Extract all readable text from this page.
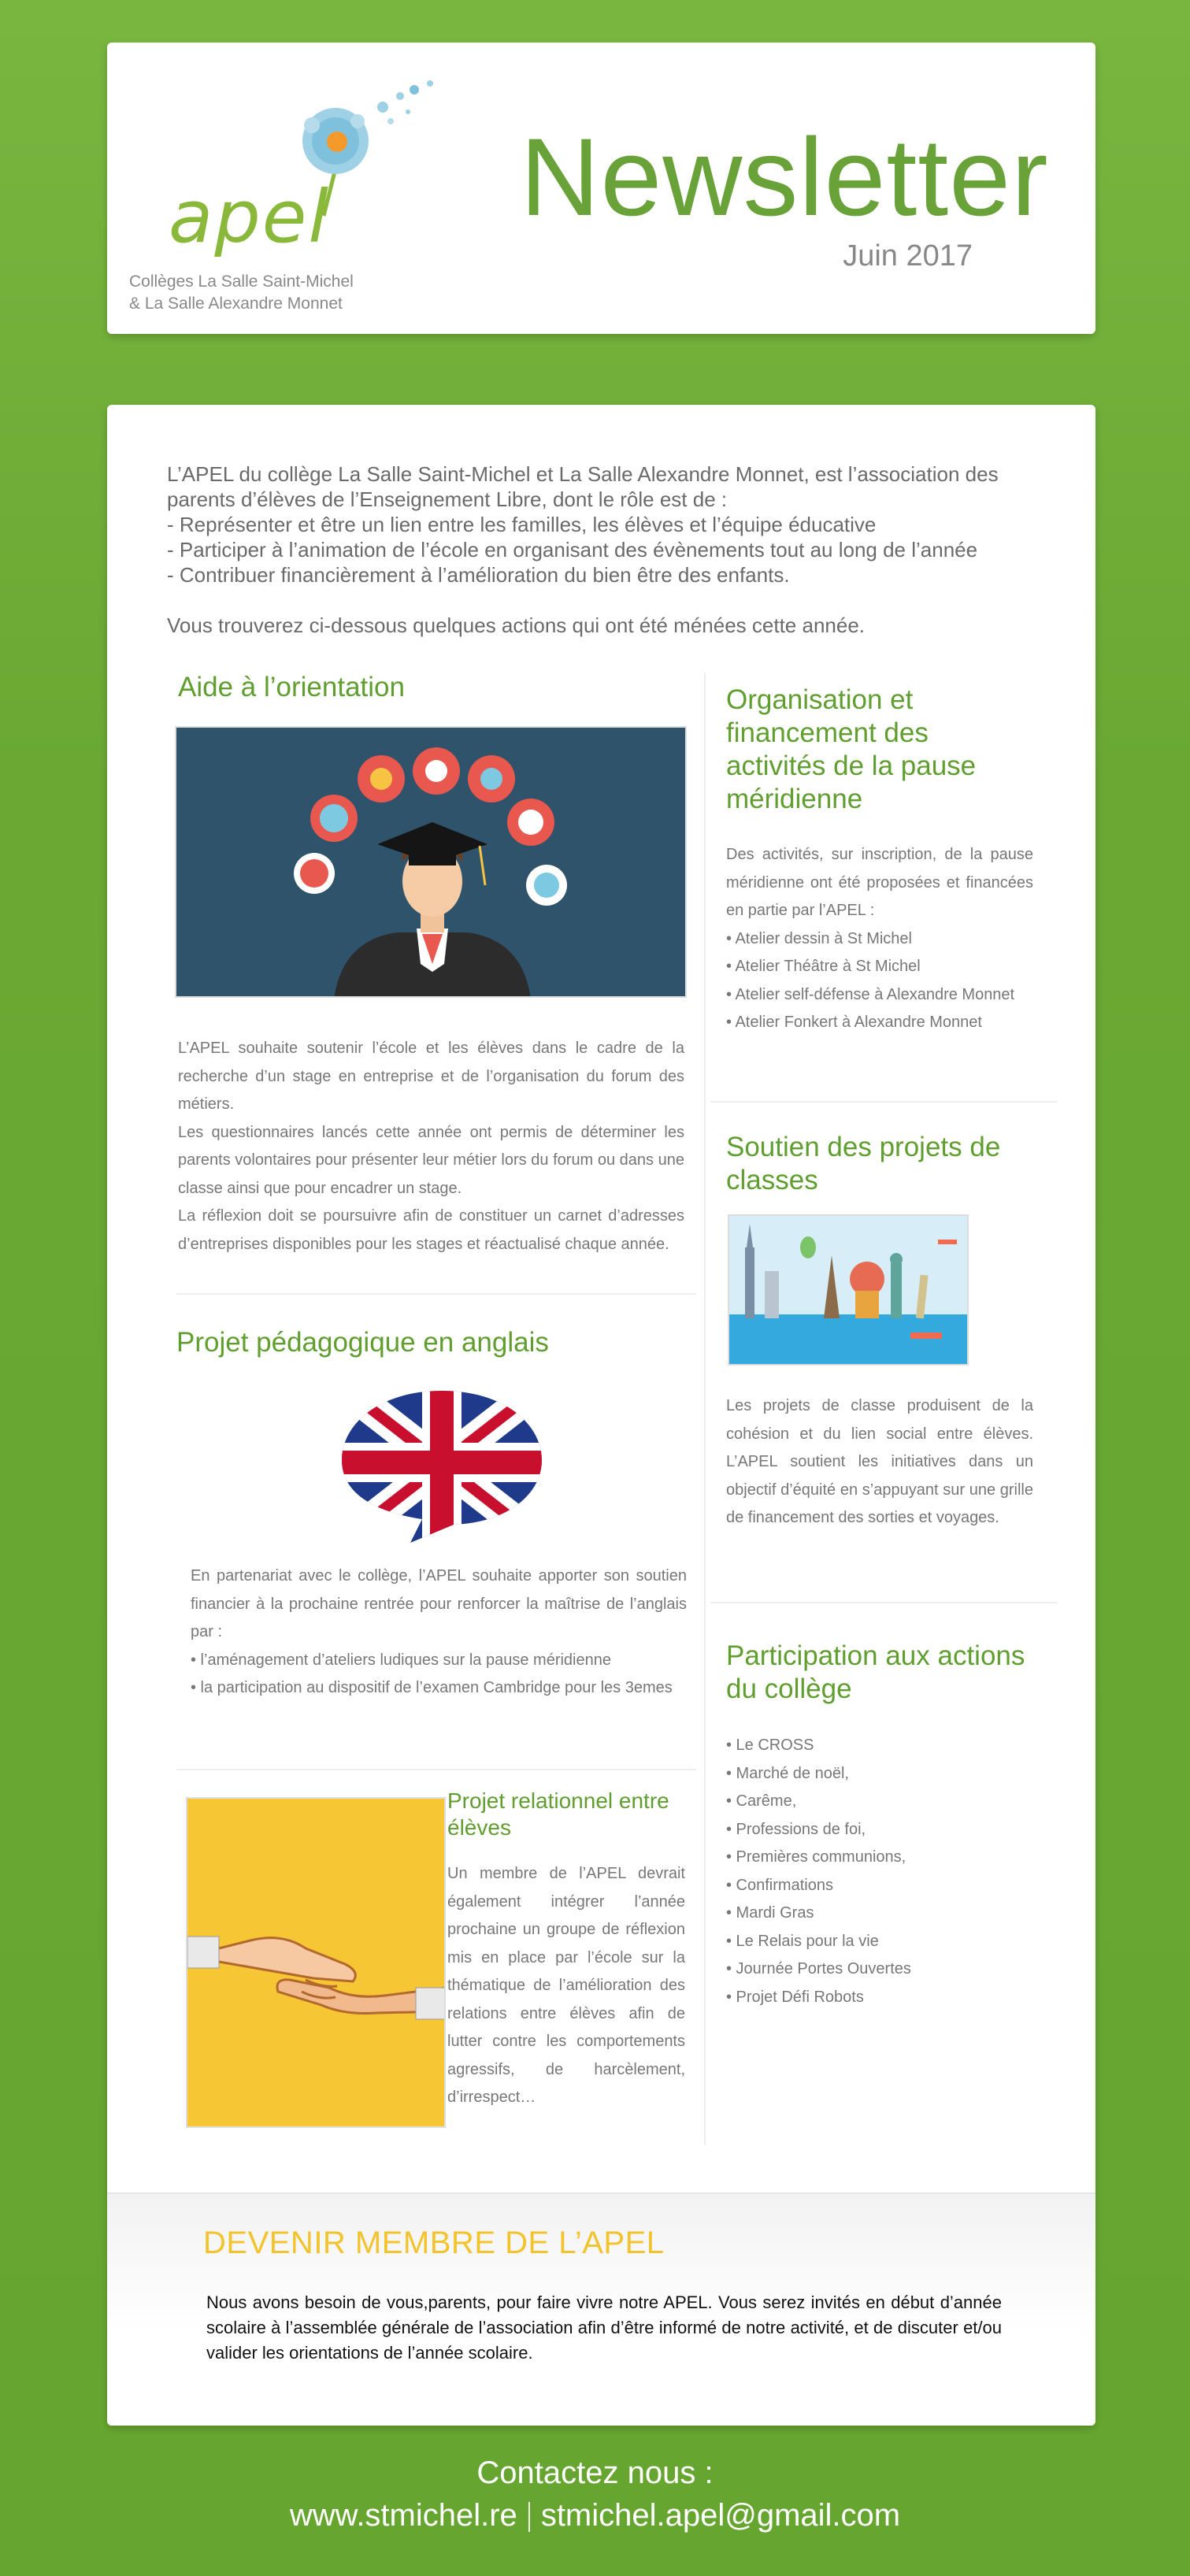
apel
Collèges La Salle Saint-Michel
& La Salle Alexandre Monnet
Newsletter
Juin 2017
L’APEL du collège La Salle Saint-Michel et La Salle Alexandre Monnet, est l’association des
parents d’élèves de l’Enseignement Libre, dont le rôle est de :
- Représenter et être un lien entre les familles, les élèves et l’équipe éducative
- Participer à l’animation de l’école en organisant des évènements tout au long de l’année
- Contribuer financièrement à l’amélioration du bien être des enfants.
Vous trouverez ci-dessous quelques actions qui ont été ménées cette année.
Aide à l’orientation

L’APEL souhaite soutenir l’école et les élèves dans le cadre de la recherche d’un stage en entreprise et de l’organisation du forum des métiers.

Les questionnaires lancés cette année ont permis de déterminer les parents volontaires pour présenter leur métier lors du forum ou dans une classe ainsi que pour encadrer un stage.

La réflexion doit se poursuivre afin de constituer un carnet d’adresses d’entreprises disponibles pour les stages et réactualisé chaque année.

Projet pédagogique en anglais

En partenariat avec le collège, l’APEL souhaite apporter son soutien financier à la prochaine rentrée pour renforcer la maîtrise de l’anglais par :

• l’aménagement d’ateliers ludiques sur la pause méridienne
• la participation au dispositif de l’examen Cambridge pour les 3emes
Projet relationnel entre élèves
Un membre de l’APEL devrait également intégrer l’année prochaine un groupe de réflexion mis en place par l’école sur la thématique de l’amélioration des relations entre élèves afin de lutter contre les comportements agressifs, de harcèlement, d’irrespect…
Organisation et financement des activités de la pause méridienne

Des activités, sur inscription, de la pause méridienne ont été proposées et financées en partie par l’APEL :

• Atelier dessin à St Michel
• Atelier Théâtre à St Michel
• Atelier self-défense à Alexandre Monnet
• Atelier Fonkert à Alexandre Monnet
Soutien des projets de classes
Les projets de classe produisent de la cohésion et du lien social entre élèves. L’APEL soutient les initiatives dans un objectif d’équité en s’appuyant sur une grille de financement des sorties et voyages.
Participation aux actions du collège
• Le CROSS
• Marché de noël,
• Carême,
• Professions de foi,
• Premières communions,
• Confirmations
• Mardi Gras
• Le Relais pour la vie
• Journée Portes Ouvertes
• Projet Défi Robots
DEVENIR MEMBRE DE L’APEL
Nous avons besoin de vous,parents, pour faire vivre notre APEL. Vous serez invités en début d’année scolaire à l’assemblée générale de l’association afin d’être informé de notre activité, et de discuter et/ou valider les orientations de l’année scolaire.
Contactez nous :
www.stmichel.re stmichel.apel@gmail.com
